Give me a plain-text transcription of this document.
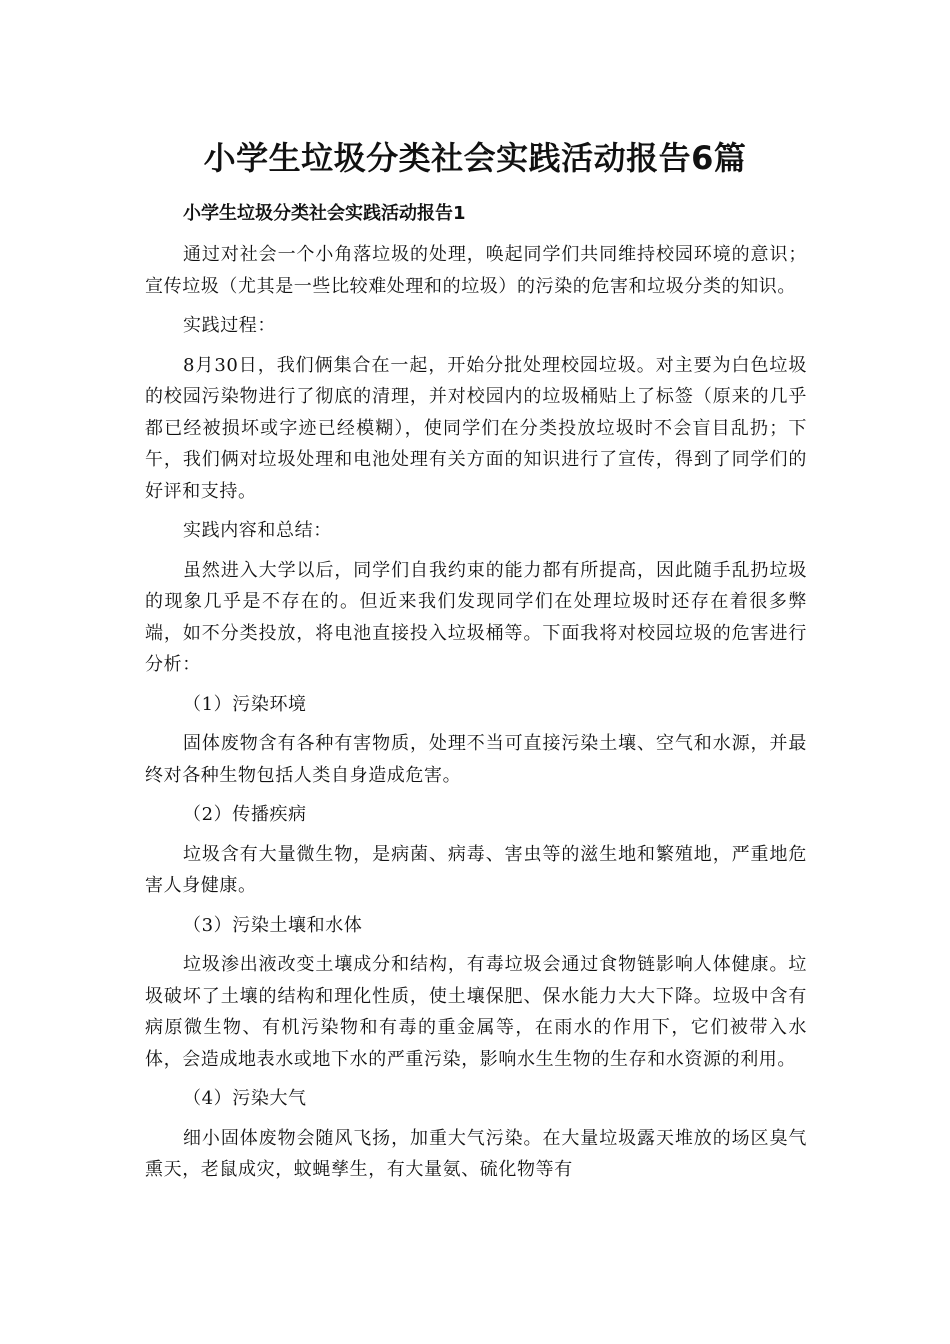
小学生垃圾分类社会实践活动报告6篇

小学生垃圾分类社会实践活动报告1

通过对社会一个小角落垃圾的处理，唤起同学们共同维持校园环境的意识；宣传垃圾（尤其是一些比较难处理和的垃圾）的污染的危害和垃圾分类的知识。

实践过程：

8月30日，我们俩集合在一起，开始分批处理校园垃圾。对主要为白色垃圾的校园污染物进行了彻底的清理，并对校园内的垃圾桶贴上了标签（原来的几乎都已经被损坏或字迹已经模糊），使同学们在分类投放垃圾时不会盲目乱扔；下午，我们俩对垃圾处理和电池处理有关方面的知识进行了宣传，得到了同学们的好评和支持。

实践内容和总结：

虽然进入大学以后，同学们自我约束的能力都有所提高，因此随手乱扔垃圾的现象几乎是不存在的。但近来我们发现同学们在处理垃圾时还存在着很多弊端，如不分类投放，将电池直接投入垃圾桶等。下面我将对校园垃圾的危害进行分析：

（1）污染环境

固体废物含有各种有害物质，处理不当可直接污染土壤、空气和水源，并最终对各种生物包括人类自身造成危害。

（2）传播疾病

垃圾含有大量微生物，是病菌、病毒、害虫等的滋生地和繁殖地，严重地危害人身健康。

（3）污染土壤和水体

垃圾渗出液改变土壤成分和结构，有毒垃圾会通过食物链影响人体健康。垃圾破坏了土壤的结构和理化性质，使土壤保肥、保水能力大大下降。垃圾中含有病原微生物、有机污染物和有毒的重金属等，在雨水的作用下，它们被带入水体，会造成地表水或地下水的严重污染，影响水生生物的生存和水资源的利用。

（4）污染大气

细小固体废物会随风飞扬，加重大气污染。在大量垃圾露天堆放的场区臭气熏天，老鼠成灾，蚊蝇孳生，有大量氨、硫化物等有
